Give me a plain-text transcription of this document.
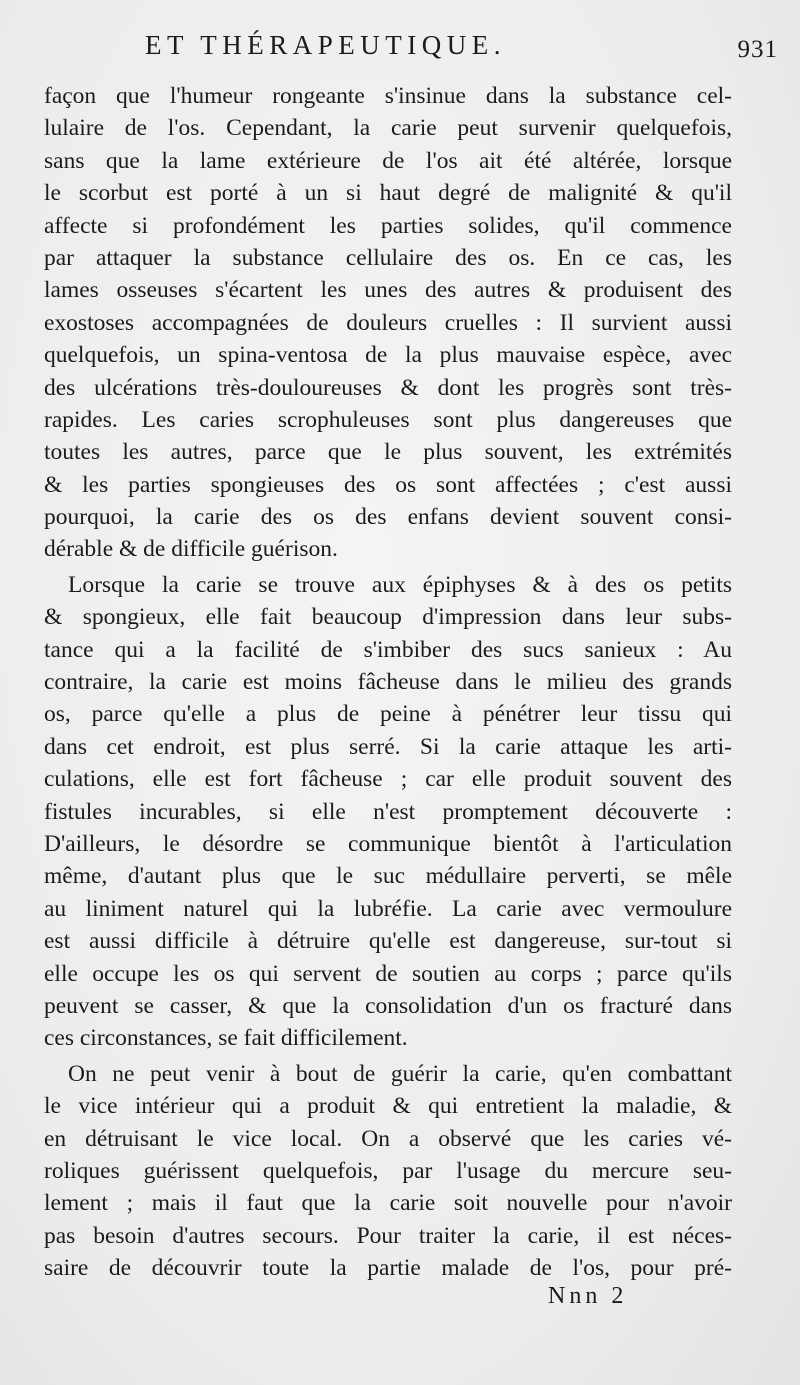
ET THÉRAPEUTIQUE.	931
façon que l'humeur rongeante s'insinue dans la substance cel-
lulaire de l'os. Cependant, la carie peut survenir quelquefois,
sans que la lame extérieure de l'os ait été altérée, lorsque
le scorbut est porté à un si haut degré de malignité & qu'il
affecte si profondément les parties solides, qu'il commence
par attaquer la substance cellulaire des os. En ce cas, les
lames osseuses s'écartent les unes des autres & produisent des
exostoses accompagnées de douleurs cruelles : Il survient aussi
quelquefois, un spina-ventosa de la plus mauvaise espèce, avec
des ulcérations très-douloureuses & dont les progrès sont très-
rapides. Les caries scrophuleuses sont plus dangereuses que
toutes les autres, parce que le plus souvent, les extrémités
& les parties spongieuses des os sont affectées ; c'est aussi
pourquoi, la carie des os des enfans devient souvent consi-
dérable & de difficile guérison.
Lorsque la carie se trouve aux épiphyses & à des os petits
& spongieux, elle fait beaucoup d'impression dans leur subs-
tance qui a la facilité de s'imbiber des sucs sanieux : Au
contraire, la carie est moins fâcheuse dans le milieu des grands
os, parce qu'elle a plus de peine à pénétrer leur tissu qui
dans cet endroit, est plus serré. Si la carie attaque les arti-
culations, elle est fort fâcheuse ; car elle produit souvent des
fistules incurables, si elle n'est promptement découverte :
D'ailleurs, le désordre se communique bientôt à l'articulation
même, d'autant plus que le suc médullaire perverti, se mêle
au liniment naturel qui la lubréfie. La carie avec vermoulure
est aussi difficile à détruire qu'elle est dangereuse, sur-tout si
elle occupe les os qui servent de soutien au corps ; parce qu'ils
peuvent se casser, & que la consolidation d'un os fracturé dans
ces circonstances, se fait difficilement.
On ne peut venir à bout de guérir la carie, qu'en combattant
le vice intérieur qui a produit & qui entretient la maladie, &
en détruisant le vice local. On a observé que les caries vé-
roliques guérissent quelquefois, par l'usage du mercure seu-
lement ; mais il faut que la carie soit nouvelle pour n'avoir
pas besoin d'autres secours. Pour traiter la carie, il est néces-
saire de découvrir toute la partie malade de l'os, pour pré-
Nnn 2
